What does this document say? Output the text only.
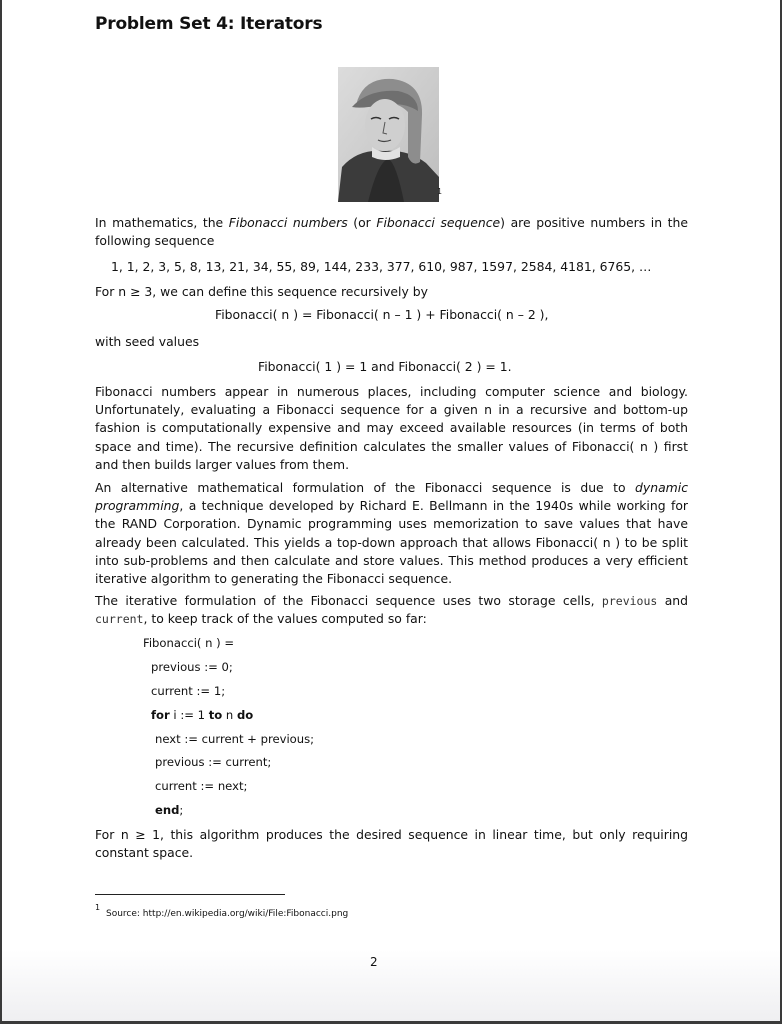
Problem Set 4: Iterators
1
In mathematics, the Fibonacci numbers (or Fibonacci sequence) are positive numbers in the following sequence
1, 1, 2, 3, 5, 8, 13, 21, 34, 55, 89, 144, 233, 377, 610, 987, 1597, 2584, 4181, 6765, …
For n ≥ 3, we can define this sequence recursively by
Fibonacci( n ) = Fibonacci( n – 1 ) + Fibonacci( n – 2 ),
with seed values
Fibonacci( 1 ) = 1 and Fibonacci( 2 ) = 1.
Fibonacci numbers appear in numerous places, including computer science and biology. Unfortunately, evaluating a Fibonacci sequence for a given n in a recursive and bottom-up fashion is computationally expensive and may exceed available resources (in terms of both space and time). The recursive definition calculates the smaller values of Fibonacci( n ) first and then builds larger values from them.
An alternative mathematical formulation of the Fibonacci sequence is due to dynamic programming, a technique developed by Richard E. Bellmann in the 1940s while working for the RAND Corporation. Dynamic programming uses memorization to save values that have already been calculated. This yields a top-down approach that allows Fibonacci( n ) to be split into sub-problems and then calculate and store values. This method produces a very efficient iterative algorithm to generating the Fibonacci sequence.
The iterative formulation of the Fibonacci sequence uses two storage cells, previous and current, to keep track of the values computed so far:
Fibonacci( n ) =
previous := 0;
current := 1;
for i := 1 to n do
next := current + previous;
previous := current;
current := next;
end;
For n ≥ 1, this algorithm produces the desired sequence in linear time, but only requiring constant space.
1
Source: http://en.wikipedia.org/wiki/File:Fibonacci.png
2
